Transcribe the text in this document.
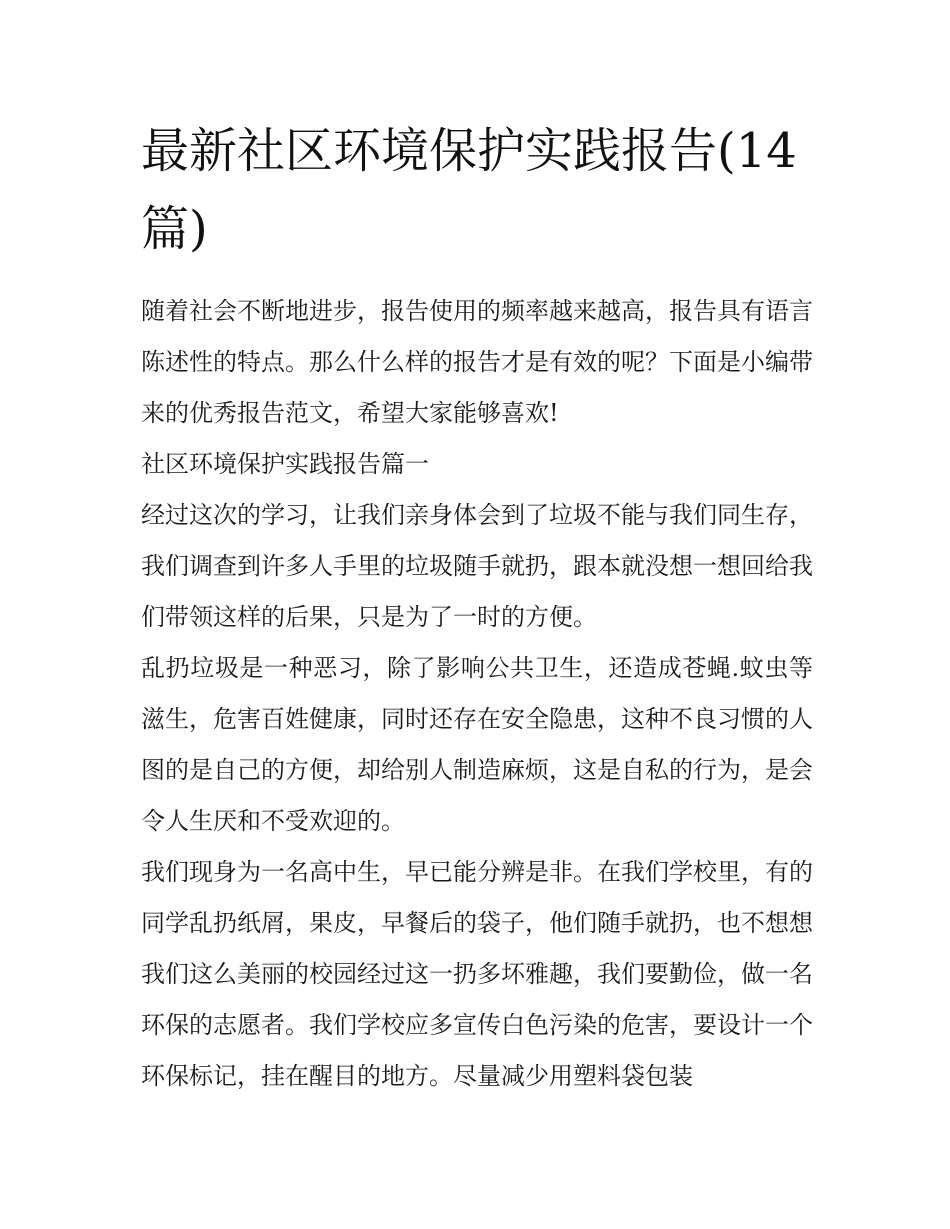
最新社区环境保护实践报告(14篇)

随着社会不断地进步，报告使用的频率越来越高，报告具有语言陈述性的特点。那么什么样的报告才是有效的呢？下面是小编带来的优秀报告范文，希望大家能够喜欢!

社区环境保护实践报告篇一

经过这次的学习，让我们亲身体会到了垃圾不能与我们同生存，我们调查到许多人手里的垃圾随手就扔，跟本就没想一想回给我们带领这样的后果，只是为了一时的方便。

乱扔垃圾是一种恶习，除了影响公共卫生，还造成苍蝇.蚊虫等滋生，危害百姓健康，同时还存在安全隐患，这种不良习惯的人图的是自己的方便，却给别人制造麻烦，这是自私的行为，是会令人生厌和不受欢迎的。

我们现身为一名高中生，早已能分辨是非。在我们学校里，有的同学乱扔纸屑，果皮，早餐后的袋子，他们随手就扔，也不想想我们这么美丽的校园经过这一扔多坏雅趣，我们要勤俭，做一名环保的志愿者。我们学校应多宣传白色污染的危害，要设计一个环保标记，挂在醒目的地方。尽量减少用塑料袋包装
